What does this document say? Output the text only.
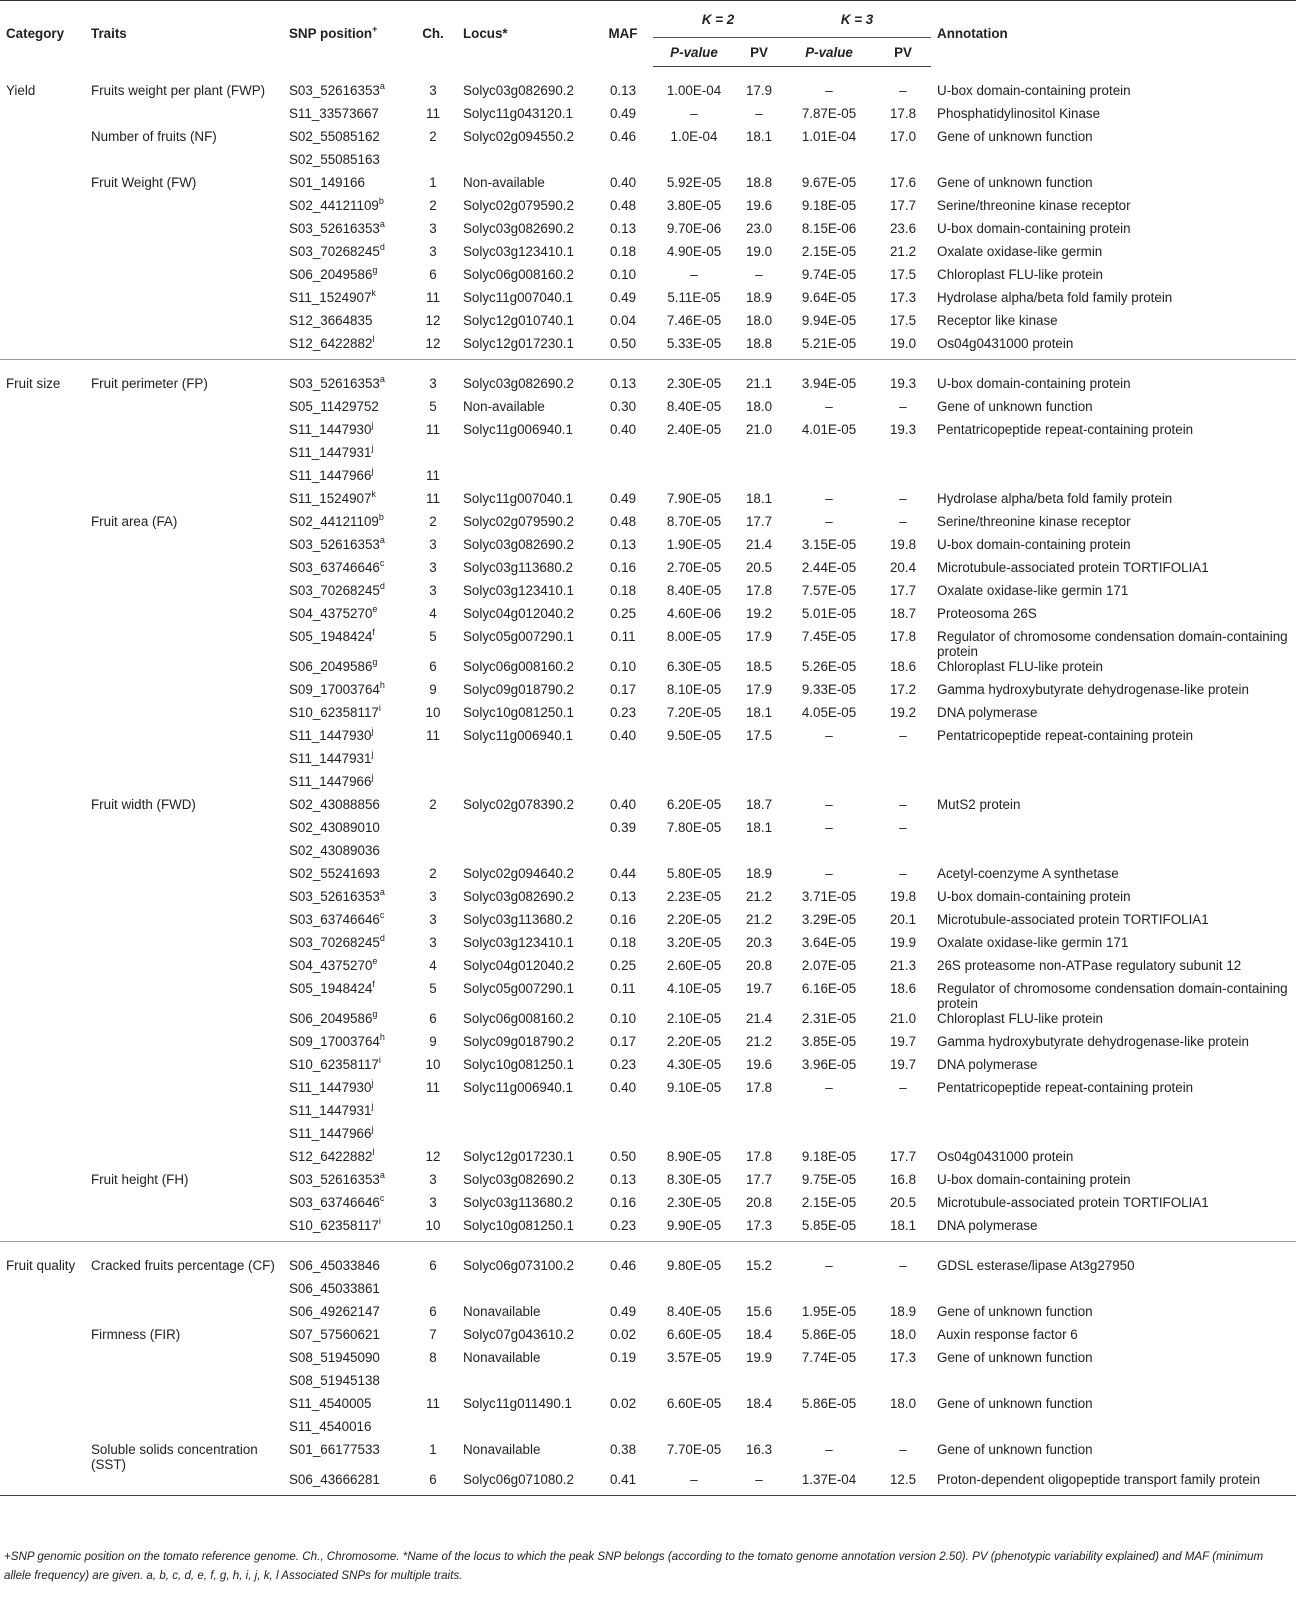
Category	Traits	SNP position+	Ch.	Locus*	MAF	K = 2		K = 3		Annotation
						P-value	PV	P-value	PV	

Yield	Fruits weight per plant (FWP)	S03_52616353$^a$	3	Solyc03g082690.2	0.13	1.00E-04	17.9	–	–	U-box domain-containing protein
		S11_33573667	11	Solyc11g043120.1	0.49	–	–	7.87E-05	17.8	Phosphatidylinositol Kinase
	Number of fruits (NF)	S02_55085162	2	Solyc02g094550.2	0.46	1.0E-04	18.1	1.01E-04	17.0	Gene of unknown function
		S02_55085163								
	Fruit Weight (FW)	S01_149166	1	Non-available	0.40	5.92E-05	18.8	9.67E-05	17.6	Gene of unknown function
		S02_44121109$^b$	2	Solyc02g079590.2	0.48	3.80E-05	19.6	9.18E-05	17.7	Serine/threonine kinase receptor
		S03_52616353$^a$	3	Solyc03g082690.2	0.13	9.70E-06	23.0	8.15E-06	23.6	U-box domain-containing protein
		S03_70268245$^d$	3	Solyc03g123410.1	0.18	4.90E-05	19.0	2.15E-05	21.2	Oxalate oxidase-like germin
		S06_2049586$^g$	6	Solyc06g008160.2	0.10	–	–	9.74E-05	17.5	Chloroplast FLU-like protein
		S11_1524907$^k$	11	Solyc11g007040.1	0.49	5.11E-05	18.9	9.64E-05	17.3	Hydrolase alpha/beta fold family protein
		S12_3664835	12	Solyc12g010740.1	0.04	7.46E-05	18.0	9.94E-05	17.5	Receptor like kinase
		S12_6422882$^l$	12	Solyc12g017230.1	0.50	5.33E-05	18.8	5.21E-05	19.0	Os04g0431000 protein

Fruit size	Fruit perimeter (FP)	S03_52616353$^a$	3	Solyc03g082690.2	0.13	2.30E-05	21.1	3.94E-05	19.3	U-box domain-containing protein
		S05_11429752	5	Non-available	0.30	8.40E-05	18.0	–	–	Gene of unknown function
		S11_1447930$^j$	11	Solyc11g006940.1	0.40	2.40E-05	21.0	4.01E-05	19.3	Pentatricopeptide repeat-containing protein
		S11_1447931$^j$								
		S11_1447966$^j$	11							
		S11_1524907$^k$	11	Solyc11g007040.1	0.49	7.90E-05	18.1	–	–	Hydrolase alpha/beta fold family protein
	Fruit area (FA)	S02_44121109$^b$	2	Solyc02g079590.2	0.48	8.70E-05	17.7	–	–	Serine/threonine kinase receptor
		S03_52616353$^a$	3	Solyc03g082690.2	0.13	1.90E-05	21.4	3.15E-05	19.8	U-box domain-containing protein
		S03_63746646$^c$	3	Solyc03g113680.2	0.16	2.70E-05	20.5	2.44E-05	20.4	Microtubule-associated protein TORTIFOLIA1
		S03_70268245$^d$	3	Solyc03g123410.1	0.18	8.40E-05	17.8	7.57E-05	17.7	Oxalate oxidase-like germin 171
		S04_4375270e	4	Solyc04g012040.2	0.25	4.60E-06	19.2	5.01E-05	18.7	Proteosoma 26S
		S05_1948424$^f$	5	Solyc05g007290.1	0.11	8.00E-05	17.9	7.45E-05	17.8	Regulator of chromosome condensation domain-containing protein
		S06_2049586$^g$	6	Solyc06g008160.2	0.10	6.30E-05	18.5	5.26E-05	18.6	Chloroplast FLU-like protein
		S09_17003764$^h$	9	Solyc09g018790.2	0.17	8.10E-05	17.9	9.33E-05	17.2	Gamma hydroxybutyrate dehydrogenase-like protein
		S10_62358117$^i$	10	Solyc10g081250.1	0.23	7.20E-05	18.1	4.05E-05	19.2	DNA polymerase
		S11_1447930$^j$	11	Solyc11g006940.1	0.40	9.50E-05	17.5	–	–	Pentatricopeptide repeat-containing protein
		S11_1447931$^j$								
		S11_1447966$^j$								
	Fruit width (FWD)	S02_43088856	2	Solyc02g078390.2	0.40	6.20E-05	18.7	–	–	MutS2 protein
		S02_43089010			0.39	7.80E-05	18.1	–	–	
		S02_43089036								
		S02_55241693	2	Solyc02g094640.2	0.44	5.80E-05	18.9	–	–	Acetyl-coenzyme A synthetase
		S03_52616353$^a$	3	Solyc03g082690.2	0.13	2.23E-05	21.2	3.71E-05	19.8	U-box domain-containing protein
		S03_63746646$^c$	3	Solyc03g113680.2	0.16	2.20E-05	21.2	3.29E-05	20.1	Microtubule-associated protein TORTIFOLIA1
		S03_70268245$^d$	3	Solyc03g123410.1	0.18	3.20E-05	20.3	3.64E-05	19.9	Oxalate oxidase-like germin 171
		S04_4375270e	4	Solyc04g012040.2	0.25	2.60E-05	20.8	2.07E-05	21.3	26S proteasome non-ATPase regulatory subunit 12
		S05_1948424$^f$	5	Solyc05g007290.1	0.11	4.10E-05	19.7	6.16E-05	18.6	Regulator of chromosome condensation domain-containing protein
		S06_2049586$^g$	6	Solyc06g008160.2	0.10	2.10E-05	21.4	2.31E-05	21.0	Chloroplast FLU-like protein
		S09_17003764$^h$	9	Solyc09g018790.2	0.17	2.20E-05	21.2	3.85E-05	19.7	Gamma hydroxybutyrate dehydrogenase-like protein
		S10_62358117$^i$	10	Solyc10g081250.1	0.23	4.30E-05	19.6	3.96E-05	19.7	DNA polymerase
		S11_1447930$^j$	11	Solyc11g006940.1	0.40	9.10E-05	17.8	–	–	Pentatricopeptide repeat-containing protein
		S11_1447931$^j$								
		S11_1447966$^j$								
		S12_6422882$^l$	12	Solyc12g017230.1	0.50	8.90E-05	17.8	9.18E-05	17.7	Os04g0431000 protein
	Fruit height (FH)	S03_52616353$^a$	3	Solyc03g082690.2	0.13	8.30E-05	17.7	9.75E-05	16.8	U-box domain-containing protein
		S03_63746646$^c$	3	Solyc03g113680.2	0.16	2.30E-05	20.8	2.15E-05	20.5	Microtubule-associated protein TORTIFOLIA1
		S10_62358117$^i$	10	Solyc10g081250.1	0.23	9.90E-05	17.3	5.85E-05	18.1	DNA polymerase

Fruit quality	Cracked fruits percentage (CF)	S06_45033846	6	Solyc06g073100.2	0.46	9.80E-05	15.2	–	–	GDSL esterase/lipase At3g27950
		S06_45033861								
		S06_49262147	6	Nonavailable	0.49	8.40E-05	15.6	1.95E-05	18.9	Gene of unknown function
	Firmness (FIR)	S07_57560621	7	Solyc07g043610.2	0.02	6.60E-05	18.4	5.86E-05	18.0	Auxin response factor 6
		S08_51945090	8	Nonavailable	0.19	3.57E-05	19.9	7.74E-05	17.3	Gene of unknown function
		S08_51945138								
		S11_4540005	11	Solyc11g011490.1	0.02	6.60E-05	18.4	5.86E-05	18.0	Gene of unknown function
		S11_4540016								
	Soluble solids concentration (SST)	S01_66177533	1	Nonavailable	0.38	7.70E-05	16.3	–	–	Gene of unknown function
		S06_43666281	6	Solyc06g071080.2	0.41	–	–	1.37E-04	12.5	Proton-dependent oligopeptide transport family protein
+SNP genomic position on the tomato reference genome. Ch., Chromosome. *Name of the locus to which the peak SNP belongs (according to the tomato genome annotation version 2.50). PV (phenotypic variability explained) and MAF (minimum allele frequency) are given. a, b, c, d, e, f, g, h, i, j, k, l Associated SNPs for multiple traits.
